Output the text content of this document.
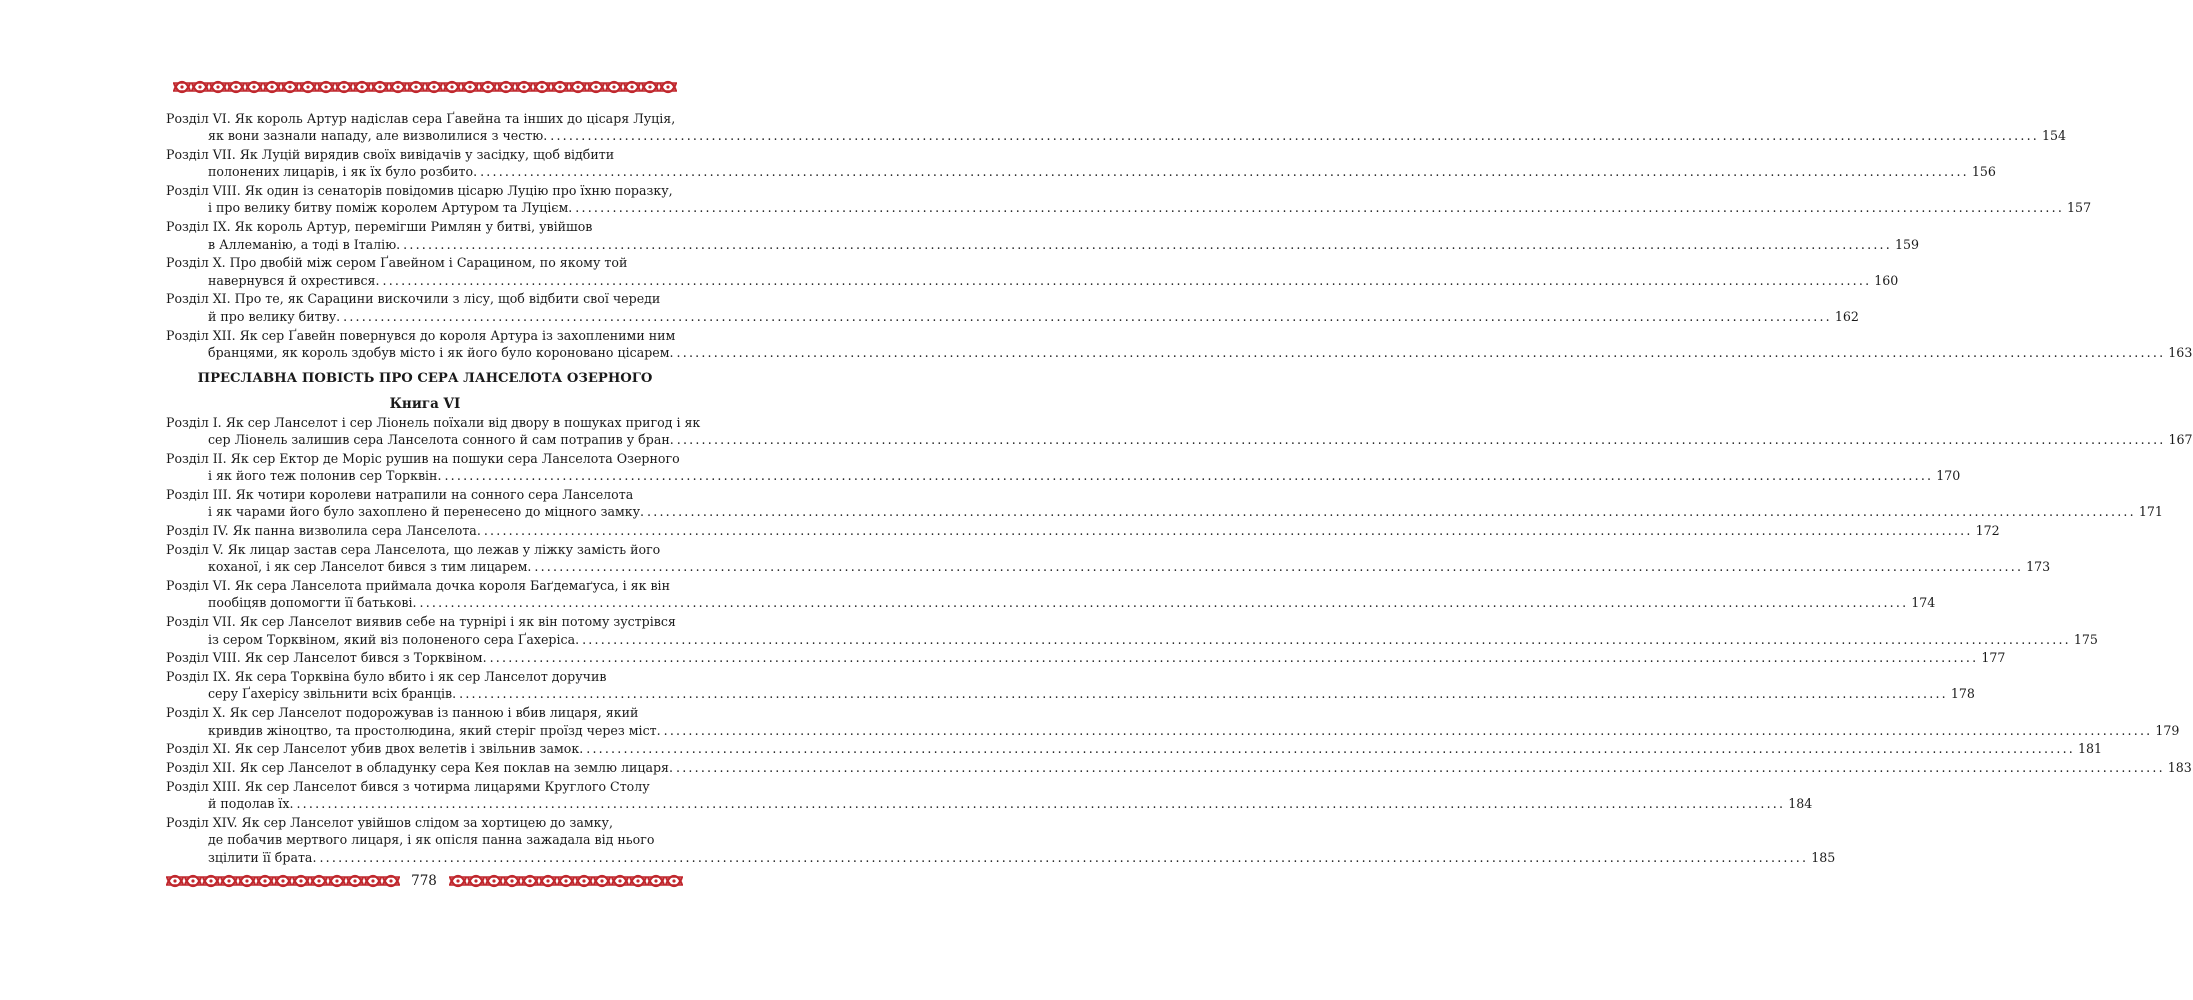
Розділ VI. Як король Артур надіслав сера Ґавейна та інших до цісаря Луція,
як вони зазнали нападу, але визволилися з честю. .....	154
Розділ VII. Як Луцій вирядив своїх вивідачів у засідку, щоб відбити
полонених лицарів, і як їх було розбито. .....	156
Розділ VIII. Як один із сенаторів повідомив цісарю Луцію про їхню поразку,
і про велику битву поміж королем Артуром та Луцієм. .....	157
Розділ IX. Як король Артур, перемігши Римлян у битві, увійшов
в Аллеманію, а тоді в Італію. .....	159
Розділ X. Про двобій між сером Ґавейном і Сарацином, по якому той
навернувся й охрестився. .....	160
Розділ XI. Про те, як Сарацини вискочили з лісу, щоб відбити свої череди
й про велику битву. .....	162
Розділ XII. Як сер Ґавейн повернувся до короля Артура із захопленими ним
бранцями, як король здобув місто і як його було короновано цісарем. .....	163
ПРЕСЛАВНА ПОВІСТЬ ПРО СЕРА ЛАНСЕЛОТА ОЗЕРНОГО
Книга VI
Розділ I. Як сер Ланселот і сер Ліонель поїхали від двору в пошуках пригод і як
сер Ліонель залишив сера Ланселота сонного й сам потрапив у бран. .....	167
Розділ II. Як сер Ектор де Моріс рушив на пошуки сера Ланселота Озерного
і як його теж полонив сер Торквін. .....	170
Розділ III. Як чотири королеви натрапили на сонного сера Ланселота
і як чарами його було захоплено й перенесено до міцного замку. .....	171
Розділ IV. Як панна визволила сера Ланселота. .....	172
Розділ V. Як лицар застав сера Ланселота, що лежав у ліжку замість його
коханої, і як сер Ланселот бився з тим лицарем. .....	173
Розділ VI. Як сера Ланселота приймала дочка короля Баґдемаґуса, і як він
пообіцяв допомогти її батькові. .....	174
Розділ VII. Як сер Ланселот виявив себе на турнірі і як він потому зустрівся
із сером Торквіном, який віз полоненого сера Ґахеріса. .....	175
Розділ VIII. Як сер Ланселот бився з Торквіном. .....	177
Розділ IX. Як сера Торквіна було вбито і як сер Ланселот доручив
серу Ґахерісу звільнити всіх бранців. .....	178
Розділ X. Як сер Ланселот подорожував із панною і вбив лицаря, який
кривдив жіноцтво, та простолюдина, який стеріг проїзд через міст. .....	179
Розділ XI. Як сер Ланселот убив двох велетів і звільнив замок. .....	181
Розділ XII. Як сер Ланселот в обладунку сера Кея поклав на землю лицаря. .....	183
Розділ XIII. Як сер Ланселот бився з чотирма лицарями Круглого Столу
й подолав їх. .....	184
Розділ XIV. Як сер Ланселот увійшов слідом за хортицею до замку,
де побачив мертвого лицаря, і як опісля панна зажадала від нього
зцілити її брата. .....	185
778
